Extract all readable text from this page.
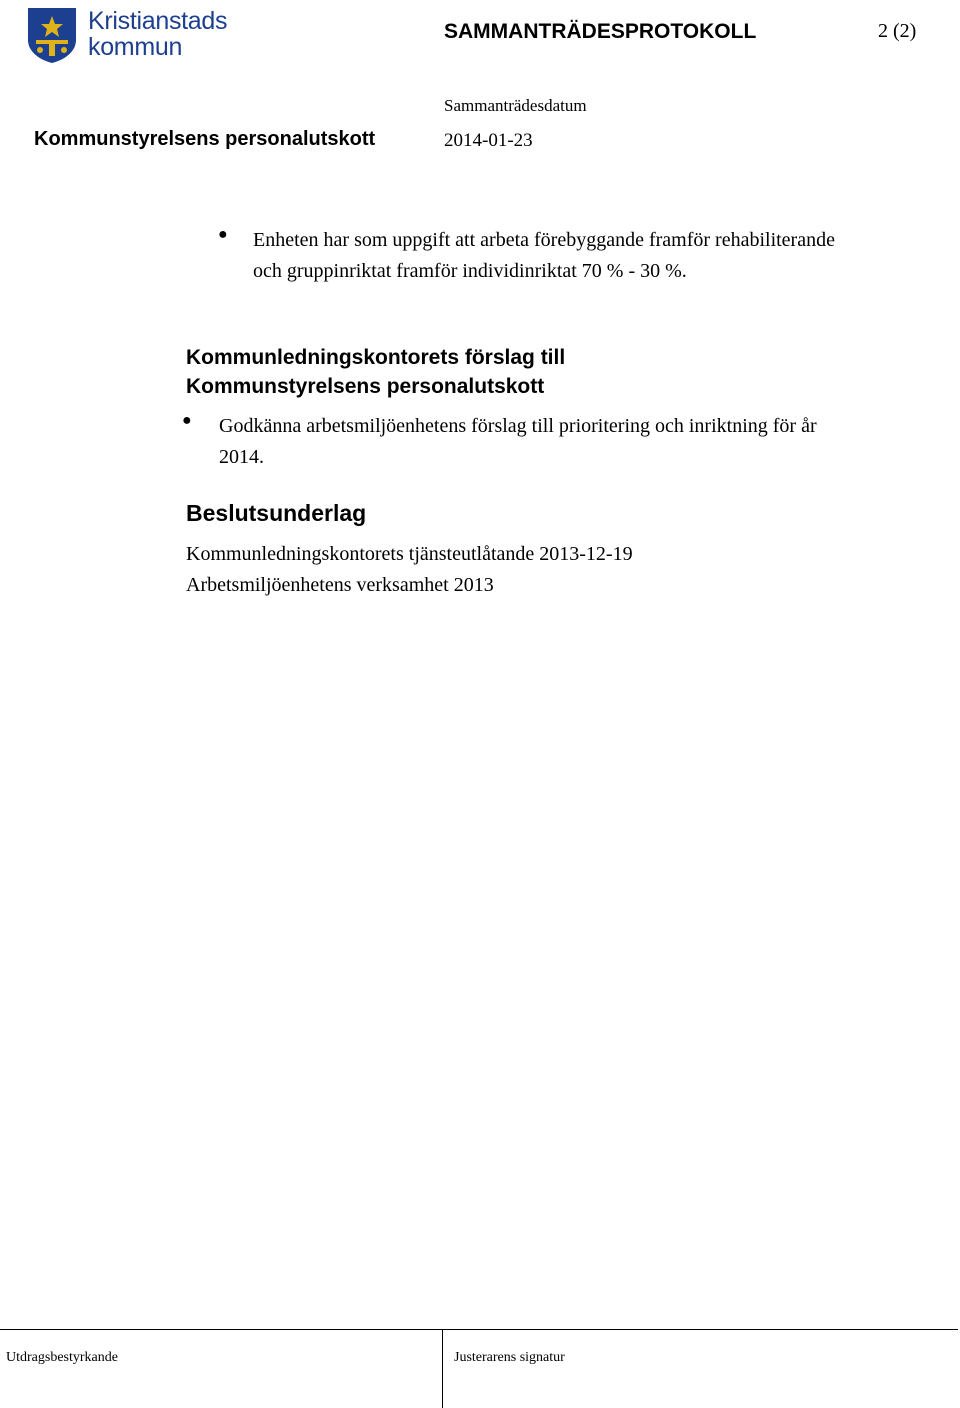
Kristianstads
kommun
SAMMANTRÄDESPROTOKOLL	2 (2)
Sammanträdesdatum
Kommunstyrelsens personalutskott	2014-01-23
● Enheten har som uppgift att arbeta förebyggande framför rehabiliterande och gruppinriktat framför individinriktat 70 % - 30 %.
Kommunledningskontorets förslag till
Kommunstyrelsens personalutskott
● Godkänna arbetsmiljöenhetens förslag till prioritering och inriktning för år 2014.
Beslutsunderlag
Kommunledningskontorets tjänsteutlåtande 2013-12-19
Arbetsmiljöenhetens verksamhet 2013
Utdragsbestyrkande	Justerarens signatur
